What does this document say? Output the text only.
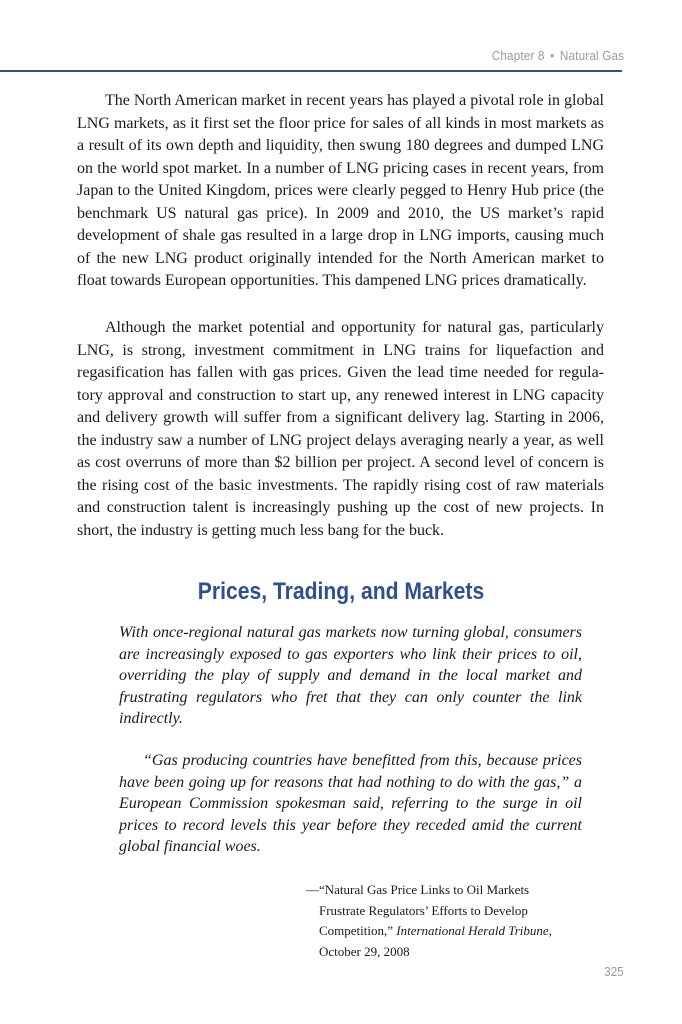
Chapter 8 • Natural Gas

The North American market in recent years has played a pivotal role in global LNG markets, as it first set the floor price for sales of all kinds in most markets as a result of its own depth and liquidity, then swung 180 degrees and dumped LNG on the world spot market. In a number of LNG pricing cases in recent years, from Japan to the United Kingdom, prices were clearly pegged to Henry Hub price (the benchmark US natural gas price). In 2009 and 2010, the US market’s rapid development of shale gas resulted in a large drop in LNG imports, causing much of the new LNG product originally intended for the North American market to float towards European opportunities. This dampened LNG prices dramatically.

Although the market potential and opportunity for natural gas, particularly LNG, is strong, investment commitment in LNG trains for liquefaction and regasification has fallen with gas prices. Given the lead time needed for regulatory approval and construction to start up, any renewed interest in LNG capacity and delivery growth will suffer from a significant delivery lag. Starting in 2006, the industry saw a number of LNG project delays averaging nearly a year, as well as cost overruns of more than $2 billion per project. A second level of concern is the rising cost of the basic investments. The rapidly rising cost of raw materials and construction talent is increasingly pushing up the cost of new projects. In short, the industry is getting much less bang for the buck.

Prices, Trading, and Markets

With once-regional natural gas markets now turning global, consumers are increasingly exposed to gas exporters who link their prices to oil, overriding the play of supply and demand in the local market and frustrating regulators who fret that they can only counter the link indirectly.

“Gas producing countries have benefitted from this, because prices have been going up for reasons that had nothing to do with the gas,” a European Commission spokesman said, referring to the surge in oil prices to record levels this year before they receded amid the current global financial woes.

—“Natural Gas Price Links to Oil Markets
Frustrate Regulators’ Efforts to Develop
Competition,” International Herald Tribune,
October 29, 2008
325
